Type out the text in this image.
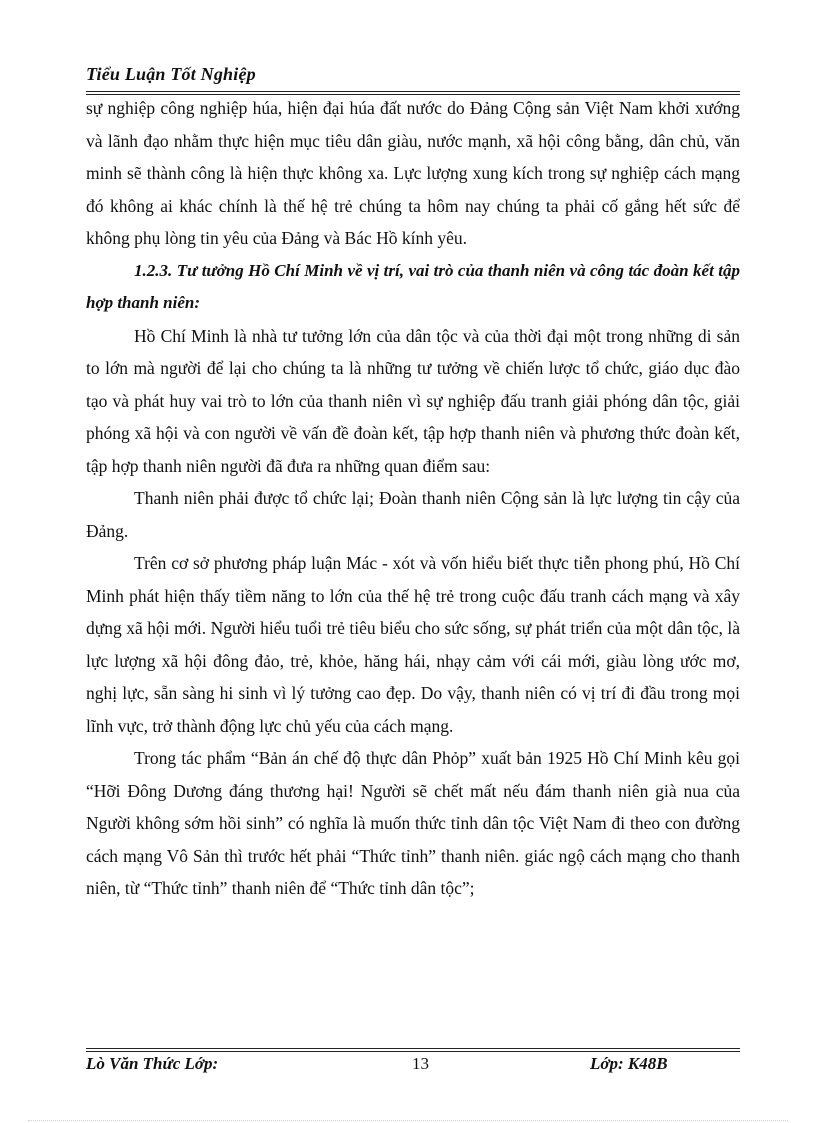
Tiểu Luận Tốt Nghiệp

sự nghiệp công nghiệp húa, hiện đại húa đất nước do Đảng Cộng sản Việt Nam khởi xướng và lãnh đạo nhằm thực hiện mục tiêu dân giàu, nước mạnh, xã hội công bằng, dân chủ, văn minh sẽ thành công là hiện thực không xa. Lực lượng xung kích trong sự nghiệp cách mạng đó không ai khác chính là thế hệ trẻ chúng ta hôm nay chúng ta phải cố gắng hết sức để không phụ lòng tin yêu của Đảng và Bác Hồ kính yêu.

1.2.3. Tư tưởng Hồ Chí Minh về vị trí, vai trò của thanh niên và công tác đoàn kết tập hợp thanh niên:

Hồ Chí Minh là nhà tư tưởng lớn của dân tộc và của thời đại một trong những di sản to lớn mà người để lại cho chúng ta là những tư tưởng về chiến lược tổ chức, giáo dục đào tạo và phát huy vai trò to lớn của thanh niên vì sự nghiệp đấu tranh giải phóng dân tộc, giải phóng xã hội và con người về vấn đề đoàn kết, tập hợp thanh niên và phương thức đoàn kết, tập hợp thanh niên người đã đưa ra những quan điểm sau:

Thanh niên phải được tổ chức lại; Đoàn thanh niên Cộng sản là lực lượng tin cậy của Đảng.

Trên cơ sở phương pháp luận Mác - xót và vốn hiểu biết thực tiễn phong phú, Hồ Chí Minh phát hiện thấy tiềm năng to lớn của thế hệ trẻ trong cuộc đấu tranh cách mạng và xây dựng xã hội mới. Người hiểu tuổi trẻ tiêu biểu cho sức sống, sự phát triển của một dân tộc, là lực lượng xã hội đông đảo, trẻ, khỏe, hăng hái, nhạy cảm với cái mới, giàu lòng ước mơ, nghị lực, sẵn sàng hi sinh vì lý tưởng cao đẹp. Do vậy, thanh niên có vị trí đi đầu trong mọi lĩnh vực, trở thành động lực chủ yếu của cách mạng.

Trong tác phẩm “Bản án chế độ thực dân Phỏp” xuất bản 1925 Hồ Chí Minh kêu gọi “Hỡi Đông Dương đáng thương hại! Người sẽ chết mất nếu đám thanh niên già nua của Người không sớm hồi sinh” có nghĩa là muốn thức tỉnh dân tộc Việt Nam đi theo con đường cách mạng Vô Sản thì trước hết phải “Thức tỉnh” thanh niên. giác ngộ cách mạng cho thanh niên, từ “Thức tỉnh” thanh niên để “Thức tỉnh dân tộc”;

Lò Văn Thức Lớp:	13	Lớp: K48B
